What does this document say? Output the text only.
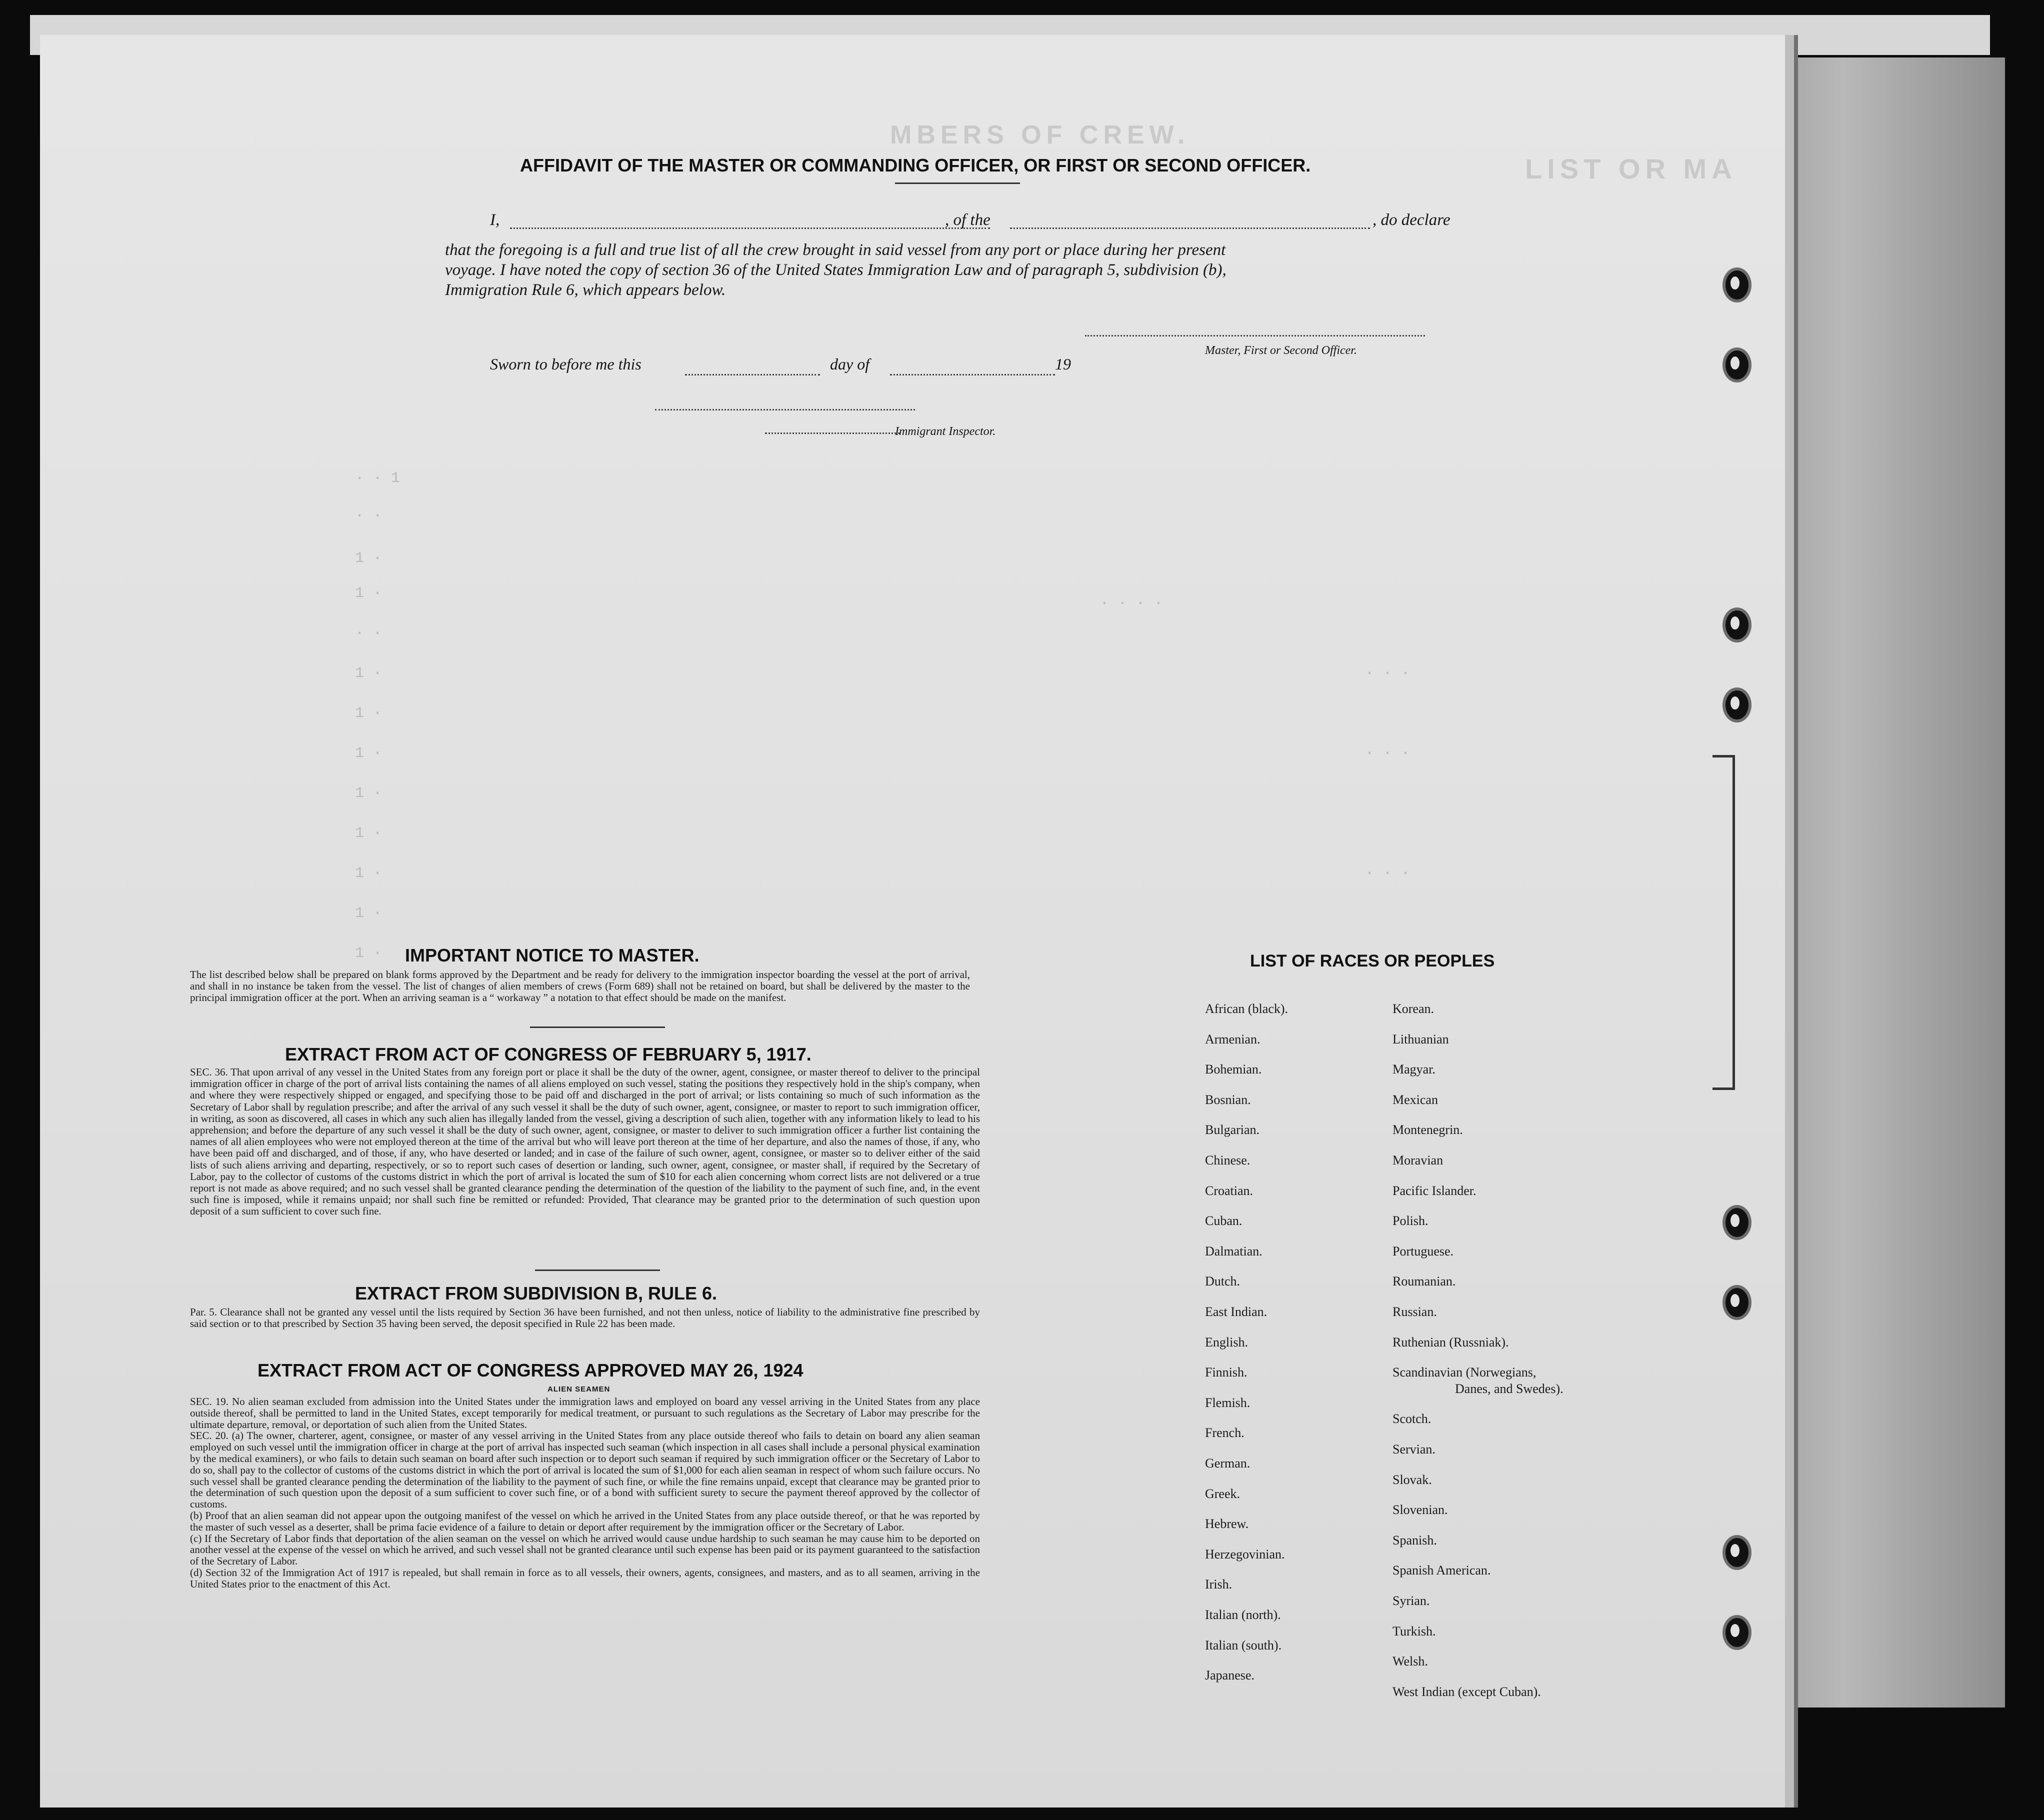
LIST OR MA
MBERS OF CREW.
· · 1
· ·
1 ·
1 ·
· ·
1 ·
1 ·
1 ·
1 ·
1 ·
1 ·
1 ·
1 ·
· · · ·
· · ·
· · ·
· · ·
AFFIDAVIT OF THE MASTER OR COMMANDING OFFICER, OR FIRST OR SECOND OFFICER.
I,	, of the	, do declare
that the foregoing is a full and true list of all the crew brought in said vessel from any port or place during her present
voyage. I have noted the copy of section 36 of the United States Immigration Law and of paragraph 5, subdivision (b),
Immigration Rule 6, which appears below.
Master, First or Second Officer.
Sworn to before me this	day of	19
Immigrant Inspector.
IMPORTANT NOTICE TO MASTER.
The list described below shall be prepared on blank forms approved by the Department and be ready for delivery to the immigration inspector boarding the vessel at the port of arrival, and shall in no instance be taken from the vessel. The list of changes of alien members of crews (Form 689) shall not be retained on board, but shall be delivered by the master to the principal immigration officer at the port. When an arriving seaman is a “ workaway ” a notation to that effect should be made on the manifest.
EXTRACT FROM ACT OF CONGRESS OF FEBRUARY 5, 1917.
SEC. 36. That upon arrival of any vessel in the United States from any foreign port or place it shall be the duty of the owner, agent, consignee, or master thereof to deliver to the principal immigration officer in charge of the port of arrival lists containing the names of all aliens employed on such vessel, stating the positions they respectively hold in the ship's company, when and where they were respectively shipped or engaged, and specifying those to be paid off and discharged in the port of arrival; or lists containing so much of such information as the Secretary of Labor shall by regulation prescribe; and after the arrival of any such vessel it shall be the duty of such owner, agent, consignee, or master to report to such immigration officer, in writing, as soon as discovered, all cases in which any such alien has illegally landed from the vessel, giving a description of such alien, together with any information likely to lead to his apprehension; and before the departure of any such vessel it shall be the duty of such owner, agent, consignee, or master to deliver to such immigration officer a further list containing the names of all alien employees who were not employed thereon at the time of the arrival but who will leave port thereon at the time of her departure, and also the names of those, if any, who have been paid off and discharged, and of those, if any, who have deserted or landed; and in case of the failure of such owner, agent, consignee, or master so to deliver either of the said lists of such aliens arriving and departing, respectively, or so to report such cases of desertion or landing, such owner, agent, consignee, or master shall, if required by the Secretary of Labor, pay to the collector of customs of the customs district in which the port of arrival is located the sum of $10 for each alien concerning whom correct lists are not delivered or a true report is not made as above required; and no such vessel shall be granted clearance pending the determination of the question of the liability to the payment of such fine, and, in the event such fine is imposed, while it remains unpaid; nor shall such fine be remitted or refunded: Provided, That clearance may be granted prior to the determination of such question upon deposit of a sum sufficient to cover such fine.
EXTRACT FROM SUBDIVISION B, RULE 6.
Par. 5. Clearance shall not be granted any vessel until the lists required by Section 36 have been furnished, and not then unless, notice of liability to the administrative fine prescribed by said section or to that prescribed by Section 35 having been served, the deposit specified in Rule 22 has been made.
EXTRACT FROM ACT OF CONGRESS APPROVED MAY 26, 1924
ALIEN SEAMEN
SEC. 19. No alien seaman excluded from admission into the United States under the immigration laws and employed on board any vessel arriving in the United States from any place outside thereof, shall be permitted to land in the United States, except temporarily for medical treatment, or pursuant to such regulations as the Secretary of Labor may prescribe for the ultimate departure, removal, or deportation of such alien from the United States.
SEC. 20. (a) The owner, charterer, agent, consignee, or master of any vessel arriving in the United States from any place outside thereof who fails to detain on board any alien seaman employed on such vessel until the immigration officer in charge at the port of arrival has inspected such seaman (which inspection in all cases shall include a personal physical examination by the medical examiners), or who fails to detain such seaman on board after such inspection or to deport such seaman if required by such immigration officer or the Secretary of Labor to do so, shall pay to the collector of customs of the customs district in which the port of arrival is located the sum of $1,000 for each alien seaman in respect of whom such failure occurs. No such vessel shall be granted clearance pending the determination of the liability to the payment of such fine, or while the fine remains unpaid, except that clearance may be granted prior to the determination of such question upon the deposit of a sum sufficient to cover such fine, or of a bond with sufficient surety to secure the payment thereof approved by the collector of customs.
(b) Proof that an alien seaman did not appear upon the outgoing manifest of the vessel on which he arrived in the United States from any place outside thereof, or that he was reported by the master of such vessel as a deserter, shall be prima facie evidence of a failure to detain or deport after requirement by the immigration officer or the Secretary of Labor.
(c) If the Secretary of Labor finds that deportation of the alien seaman on the vessel on which he arrived would cause undue hardship to such seaman he may cause him to be deported on another vessel at the expense of the vessel on which he arrived, and such vessel shall not be granted clearance until such expense has been paid or its payment guaranteed to the satisfaction of the Secretary of Labor.
(d) Section 32 of the Immigration Act of 1917 is repealed, but shall remain in force as to all vessels, their owners, agents, consignees, and masters, and as to all seamen, arriving in the United States prior to the enactment of this Act.
LIST OF RACES OR PEOPLES
African (black).
Armenian.
Bohemian.
Bosnian.
Bulgarian.
Chinese.
Croatian.
Cuban.
Dalmatian.
Dutch.
East Indian.
English.
Finnish.
Flemish.
French.
German.
Greek.
Hebrew.
Herzegovinian.
Irish.
Italian (north).
Italian (south).
Japanese.
Korean.
Lithuanian
Magyar.
Mexican
Montenegrin.
Moravian
Pacific Islander.
Polish.
Portuguese.
Roumanian.
Russian.
Ruthenian (Russniak).
Scandinavian (Norwegians,
Danes, and Swedes).
Scotch.
Servian.
Slovak.
Slovenian.
Spanish.
Spanish American.
Syrian.
Turkish.
Welsh.
West Indian (except Cuban).
